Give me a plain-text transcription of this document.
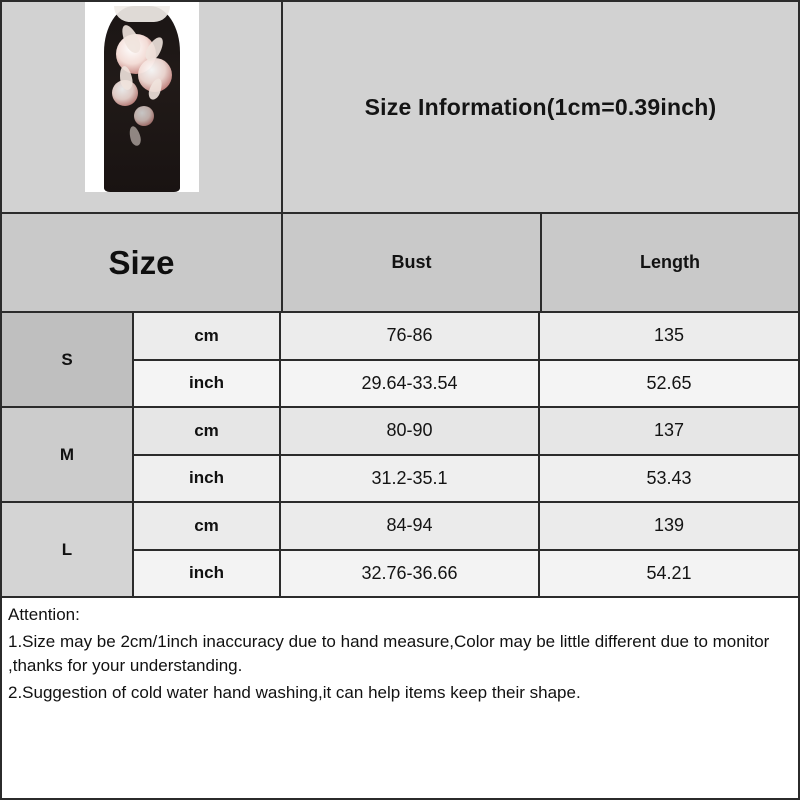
Size Information(1cm=0.39inch)
Size	Bust	Length
S
cm	76-86	135
inch	29.64-33.54	52.65
M
cm	80-90	137
inch	31.2-35.1	53.43
L
cm	84-94	139
inch	32.76-36.66	54.21

Attention:

1.Size may be 2cm/1inch inaccuracy due to hand measure,Color may be little different due to monitor ,thanks for your understanding.

2.Suggestion of cold water hand washing,it can help items keep their shape.
